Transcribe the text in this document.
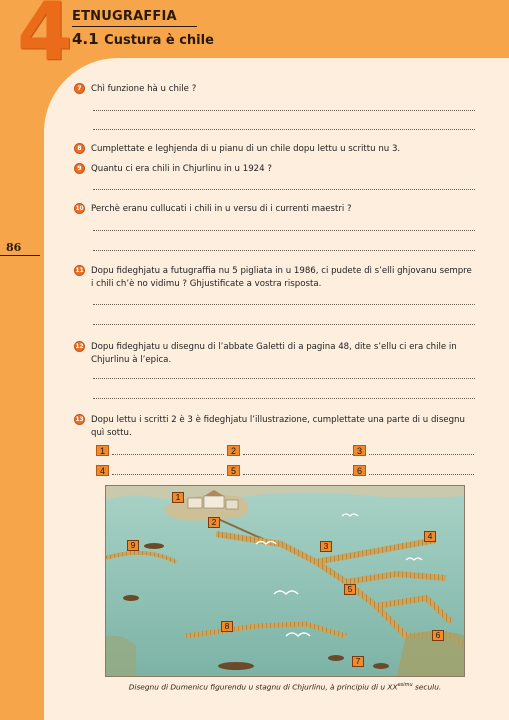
4 ETNUGRAFFIA
4.1 Custura è chile
86
7	Chì funzione hà u chile ?
8	Cumplettate e leghjenda di u pianu di un chile dopu lettu u scrittu nu 3.
9	Quantu ci era chili in Chjurlinu in u 1924 ?
10 Perchè eranu cullucati i chili in u versu di i currenti maestri ?
11 Dopu fideghjatu a futugraffia nu 5 pigliata in u 1986, ci pudete dì s’elli ghjovanu sempre i chili ch’è no vidimu ? Ghjustificate a vostra risposta.
12 Dopu fideghjatu u disegnu di l’abbate Galetti di a pagina 48, dite s’ellu ci era chile in Chjurlinu à l’epica.
13 Dopu lettu i scritti 2 è 3 è fideghjatu l’illustrazione, cumplettate una parte di u disegnu quì sottu.
1	2	3
4	5	6
1
2
3
4
5
6
7
8
9
Disegnu di Dumenicu figurendu u stagnu di Chjurlinu, à principiu di u $XX^{esimu}$ seculu.
